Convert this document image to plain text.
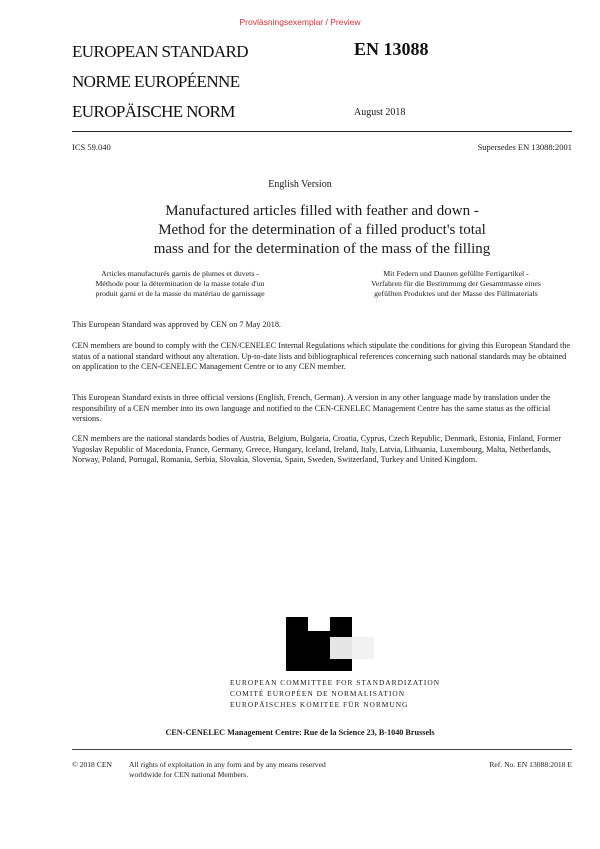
Provläsningsexemplar / Preview
EUROPEAN STANDARD
NORME EUROPÉENNE
EUROPÄISCHE NORM
EN 13088
August 2018
ICS 59.040	Supersedes EN 13088:2001
English Version
Manufactured articles filled with feather and down -
Method for the determination of a filled product's total
mass and for the determination of the mass of the filling
Articles manufacturés garnis de plumes et duvets -
Méthode pour la détermination de la masse totale d'un
produit garni et de la masse du matériau de garnissage
Mit Federn und Daunen gefüllte Fertigartikel -
Verfahren für die Bestimmung der Gesamtmasse eines
gefüllten Produktes und der Masse des Füllmaterials
This European Standard was approved by CEN on 7 May 2018.
CEN members are bound to comply with the CEN/CENELEC Internal Regulations which stipulate the conditions for giving this European Standard the status of a national standard without any alteration. Up-to-date lists and bibliographical references concerning such national standards may be obtained on application to the CEN-CENELEC Management Centre or to any CEN member.
This European Standard exists in three official versions (English, French, German). A version in any other language made by translation under the responsibility of a CEN member into its own language and notified to the CEN-CENELEC Management Centre has the same status as the official versions.
CEN members are the national standards bodies of Austria, Belgium, Bulgaria, Croatia, Cyprus, Czech Republic, Denmark, Estonia, Finland, Former Yugoslav Republic of Macedonia, France, Germany, Greece, Hungary, Iceland, Ireland, Italy, Latvia, Lithuania, Luxembourg, Malta, Netherlands, Norway, Poland, Portugal, Romania, Serbia, Slovakia, Slovenia, Spain, Sweden, Switzerland, Turkey and United Kingdom.
EUROPEAN COMMITTEE FOR STANDARDIZATION
COMITÉ EUROPÉEN DE NORMALISATION
EUROPÄISCHES KOMITEE FÜR NORMUNG
CEN-CENELEC Management Centre: Rue de la Science 23, B-1040 Brussels
© 2018 CEN All rights of exploitation in any form and by any means reserved
worldwide for CEN national Members.
Ref. No. EN 13088:2018 E
